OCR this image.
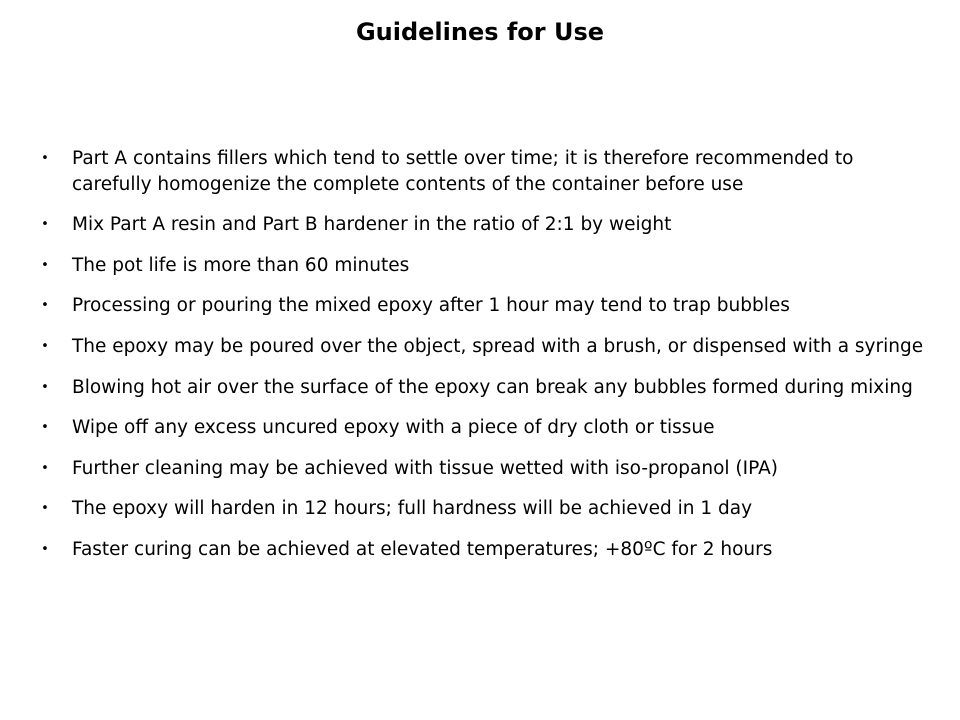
Guidelines for Use
• Part A contains fillers which tend to settle over time; it is therefore recommended to carefully homogenize the complete contents of the container before use
• Mix Part A resin and Part B hardener in the ratio of 2:1 by weight
• The pot life is more than 60 minutes
• Processing or pouring the mixed epoxy after 1 hour may tend to trap bubbles
• The epoxy may be poured over the object, spread with a brush, or dispensed with a syringe
• Blowing hot air over the surface of the epoxy can break any bubbles formed during mixing
• Wipe off any excess uncured epoxy with a piece of dry cloth or tissue
• Further cleaning may be achieved with tissue wetted with iso-propanol (IPA)
• The epoxy will harden in 12 hours; full hardness will be achieved in 1 day
• Faster curing can be achieved at elevated temperatures; +80ºC for 2 hours
